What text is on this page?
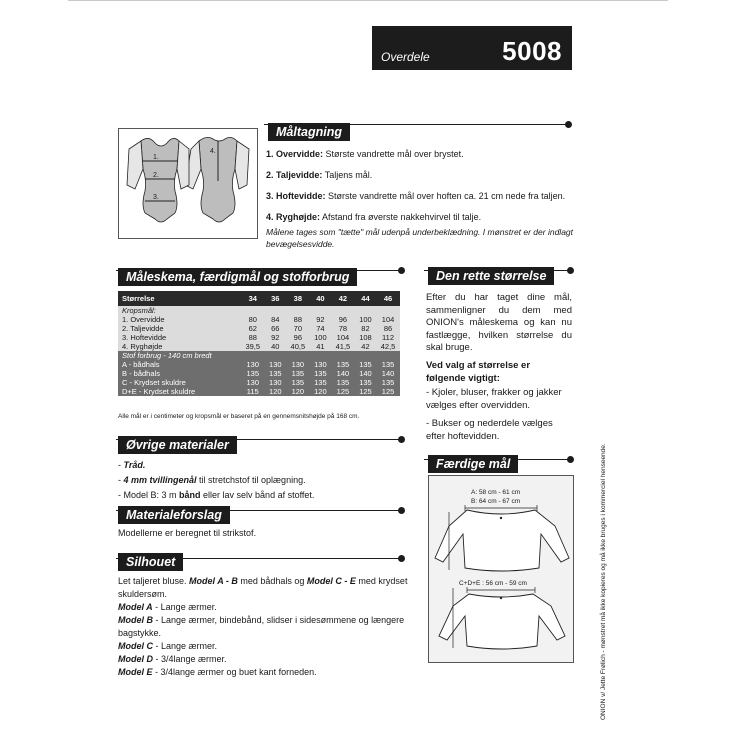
Overdele	5008
1.
2.
3.
4.
Måltagning

1. Overvidde: Største vandrette mål over brystet.

2. Taljevidde: Taljens mål.

3. Hoftevidde: Største vandrette mål over hoften ca. 21 cm nede fra taljen.

4. Ryghøjde: Afstand fra øverste nakkehvirvel til talje.

Målene tages som "tætte" mål udenpå underbeklædning. I mønstret er der indlagt bevægelsesvidde.
Måleskema, færdigmål og stofforbrug
Størrelse	34	36	38	40	42	44	46
Kropsmål:							
1. Overvidde	80	84	88	92	96	100	104
2. Taljevidde	62	66	70	74	78	82	86
3. Hoftevidde	88	92	96	100	104	108	112
4. Ryghøjde	39,5	40	40,5	41	41,5	42	42,5
Stof forbrug - 140 cm bredt							
A - bådhals	130	130	130	130	135	135	135
B - bådhals	135	135	135	135	140	140	140
C - Krydset skuldre	130	130	135	135	135	135	135
D+E - Krydset skuldre	115	120	120	120	125	125	125
Alle mål er i centimeter og kropsmål er baseret på en gennemsnitshøjde på 168 cm.
Øvrige materialer

- Tråd.

- 4 mm tvillingenål til stretchstof til oplægning.

- Model B: 3 m bånd eller lav selv bånd af stoffet.

Materialeforslag
Modellerne er beregnet til strikstof.
Silhouet
Let taljeret bluse. Model A - B med bådhals og Model C - E med krydset skuldersøm.
Model A - Lange ærmer.
Model B - Lange ærmer, bindebånd, slidser i sidesømmene og længere bagstykke.
Model C - Lange ærmer.
Model D - 3/4lange ærmer.
Model E - 3/4lange ærmer og buet kant forneden.
Den rette størrelse
Efter du har taget dine mål, sammenligner du dem med ONION's måleskema og kan nu fastlægge, hvilken størrelse du skal bruge.
Ved valg af størrelse er følgende vigtigt:
- Kjoler, bluser, frakker og jakker vælges efter overvidden.
- Bukser og nederdele vælges efter hoftevidden.
Færdige mål
A: 58 cm - 61 cm
B: 64 cm - 67 cm
C+D+E : 56 cm - 59 cm	ONION v/ Jette Frølich - mønstret må ikke kopieres og må ikke bruges i kommerciel henseende.
